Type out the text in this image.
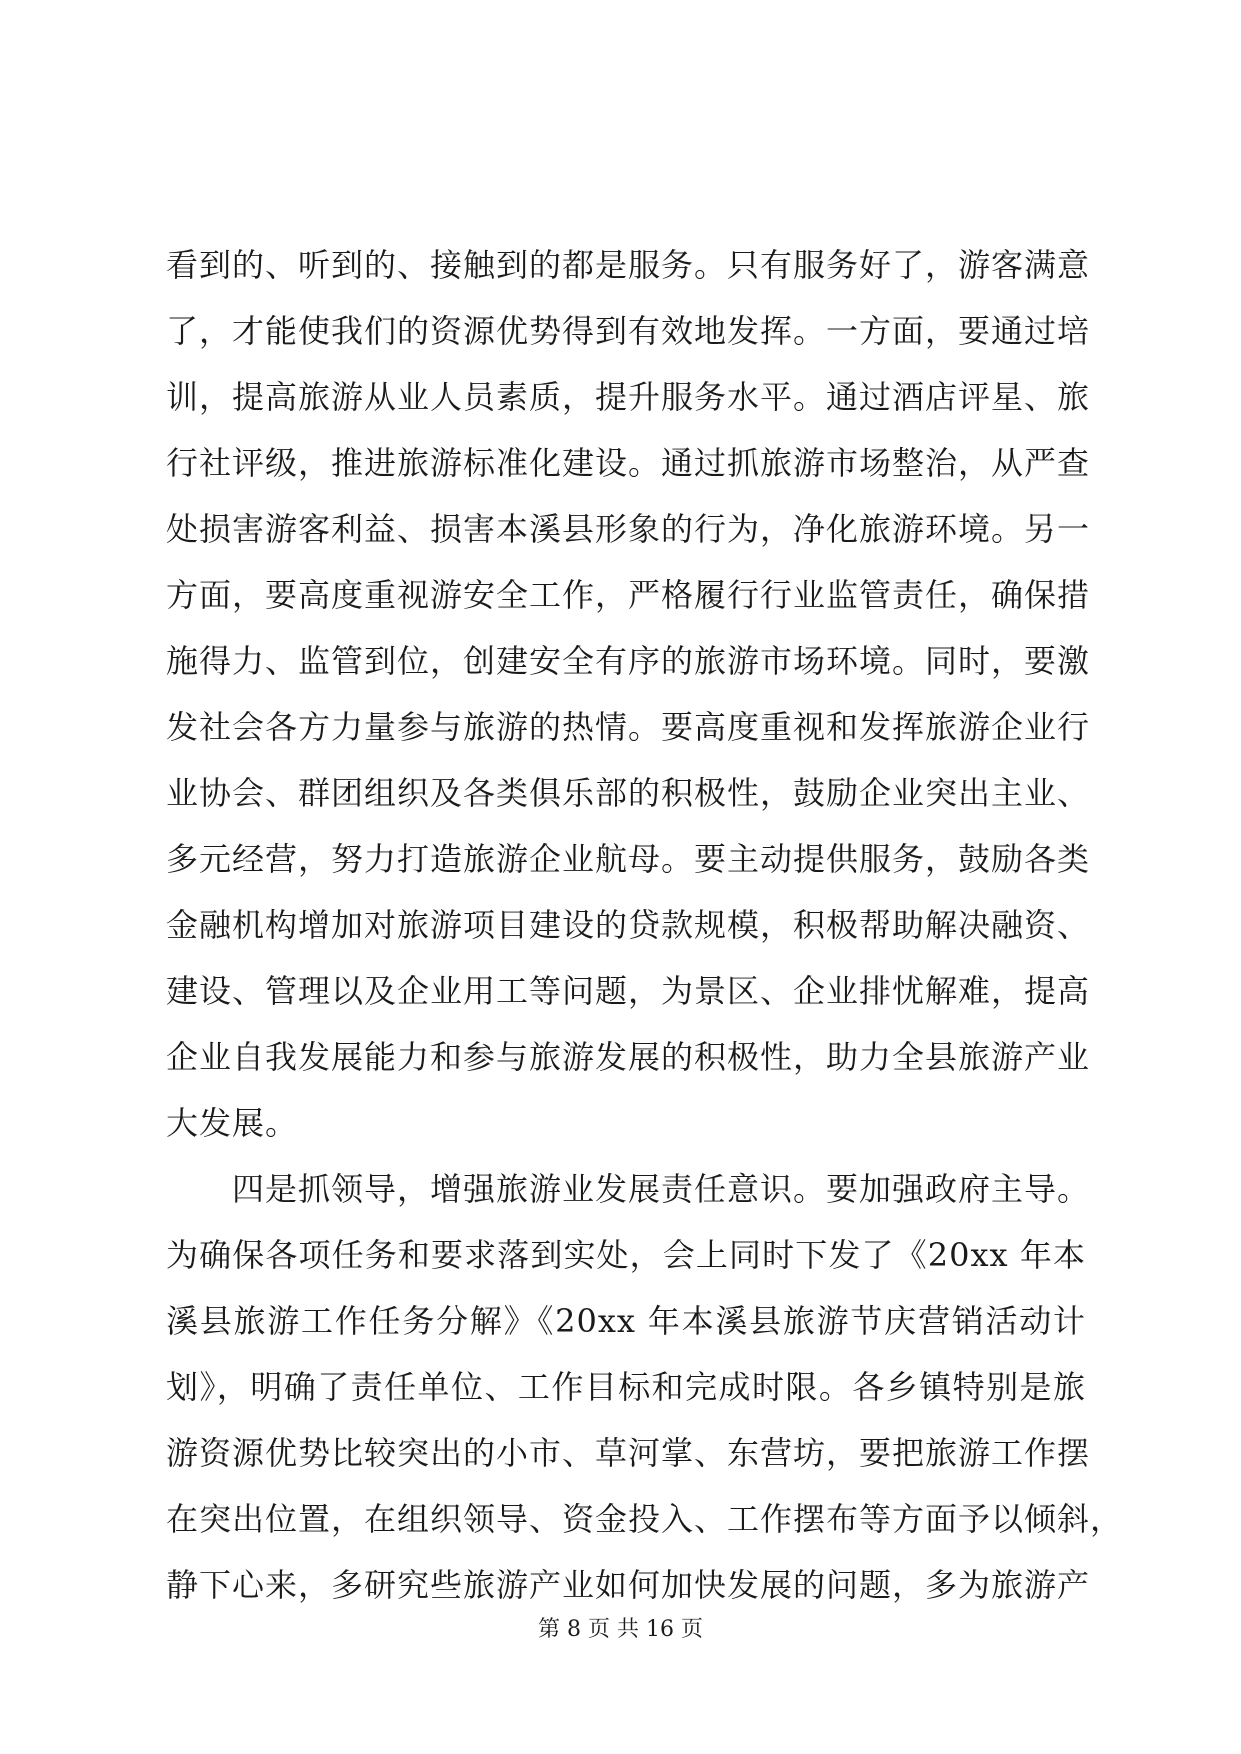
看到的、听到的、接触到的都是服务。只有服务好了，游客满意
了，才能使我们的资源优势得到有效地发挥。一方面，要通过培
训，提高旅游从业人员素质，提升服务水平。通过酒店评星、旅
行社评级，推进旅游标准化建设。通过抓旅游市场整治，从严查
处损害游客利益、损害本溪县形象的行为，净化旅游环境。另一
方面，要高度重视游安全工作，严格履行行业监管责任，确保措
施得力、监管到位，创建安全有序的旅游市场环境。同时，要激
发社会各方力量参与旅游的热情。要高度重视和发挥旅游企业行
业协会、群团组织及各类俱乐部的积极性，鼓励企业突出主业、
多元经营，努力打造旅游企业航母。要主动提供服务，鼓励各类
金融机构增加对旅游项目建设的贷款规模，积极帮助解决融资、
建设、管理以及企业用工等问题，为景区、企业排忧解难，提高
企业自我发展能力和参与旅游发展的积极性，助力全县旅游产业
大发展。
四是抓领导，增强旅游业发展责任意识。要加强政府主导。
为确保各项任务和要求落到实处，会上同时下发了《20xx 年本
溪县旅游工作任务分解》《20xx 年本溪县旅游节庆营销活动计
划》，明确了责任单位、工作目标和完成时限。各乡镇特别是旅
游资源优势比较突出的小市、草河掌、东营坊，要把旅游工作摆
在突出位置，在组织领导、资金投入、工作摆布等方面予以倾斜，
静下心来，多研究些旅游产业如何加快发展的问题，多为旅游产
第 8 页 共 16 页
